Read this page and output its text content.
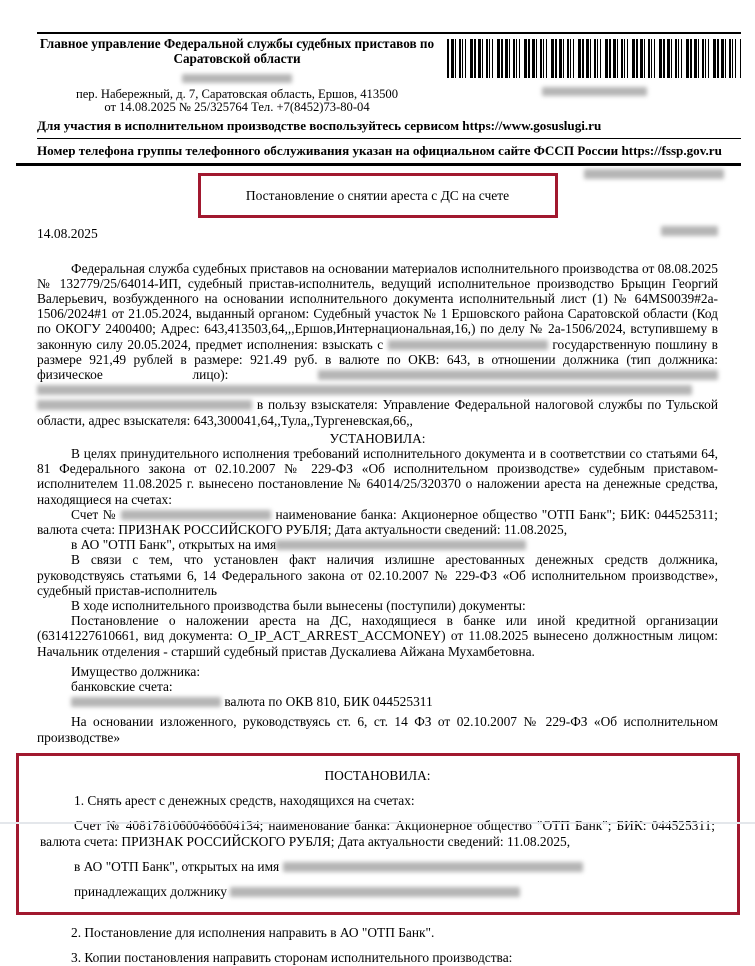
Главное управление Федеральной службы судебных приставов по Саратовской области
пер. Набережный, д. 7, Саратовская область, Ершов, 413500
от 14.08.2025 № 25/325764 Тел. +7(8452)73-80-04
Для участия в исполнительном производстве воспользуйтесь сервисом https://www.gosuslugi.ru
Номер телефона группы телефонного обслуживания указан на официальном сайте ФССП России https://fssp.gov.ru
Постановление о снятии ареста с ДС на счете
14.08.2025

Федеральная служба судебных приставов на основании материалов исполнительного производства от 08.08.2025 № 132779/25/64014-ИП, судебный пристав-исполнитель, ведущий исполнительное производство Брыцин Георгий Валерьевич, возбужденного на основании исполнительного документа исполнительный лист (1) № 64MS0039#2a-1506/2024#1 от 21.05.2024, выданный органом: Судебный участок № 1 Ершовского района Саратовской области (Код по ОКОГУ 2400400; Адрес: 643,413503,64,,,Ершов,Интернациональная,16,) по делу № 2а-1506/2024, вступившему в законную силу 20.05.2024, предмет исполнения: взыскать с	государственную пошлину в размере 921,49 рублей в размере: 921.49 руб. в валюте по ОКВ: 643, в отношении должника (тип должника: физическое лицо):    в пользу взыскателя: Управление Федеральной налоговой службы по Тульской области, адрес взыскателя: 643,300041,64,,Тула,,Тургеневская,66,,

УСТАНОВИЛА:

В целях принудительного исполнения требований исполнительного документа и в соответствии со статьями 64, 81 Федерального закона от 02.10.2007 № 229-ФЗ «Об исполнительном производстве» судебным приставом-исполнителем 11.08.2025 г. вынесено постановление № 64014/25/320370 о наложении ареста на денежные средства, находящиеся на счетах:

Счет №	наименование банка: Акционерное общество "ОТП Банк"; БИК: 044525311; валюта счета: ПРИЗНАК РОССИЙСКОГО РУБЛЯ; Дата актуальности сведений: 11.08.2025,

в АО "ОТП Банк", открытых на имя

В связи с тем, что установлен факт наличия излишне арестованных денежных средств должника, руководствуясь статьями 6, 14 Федерального закона от 02.10.2007 № 229-ФЗ «Об исполнительном производстве», судебный пристав-исполнитель

В ходе исполнительного производства были вынесены (поступили) документы:

Постановление о наложении ареста на ДС, находящиеся в банке или иной кредитной организации (63141227610661, вид документа: O_IP_ACT_ARREST_ACCMONEY) от 11.08.2025 вынесено должностным лицом: Начальник отделения - старший судебный пристав Дускалиева Айжана Мухамбетовна.

Имущество должника:

банковские счета:

валюта по ОКВ 810, БИК 044525311

На основании изложенного, руководствуясь ст. 6, ст. 14 ФЗ от 02.10.2007 № 229-ФЗ «Об исполнительном производстве»

ПОСТАНОВИЛА:

1. Снять арест с денежных средств, находящихся на счетах:

Счет № 40817810600466604134; наименование банка: Акционерное общество "ОТП Банк"; БИК: 044525311; валюта счета: ПРИЗНАК РОССИЙСКОГО РУБЛЯ; Дата актуальности сведений: 11.08.2025,

в АО "ОТП Банк", открытых на имя

принадлежащих должнику

2. Постановление для исполнения направить в АО "ОТП Банк".

3. Копии постановления направить сторонам исполнительного производства:
